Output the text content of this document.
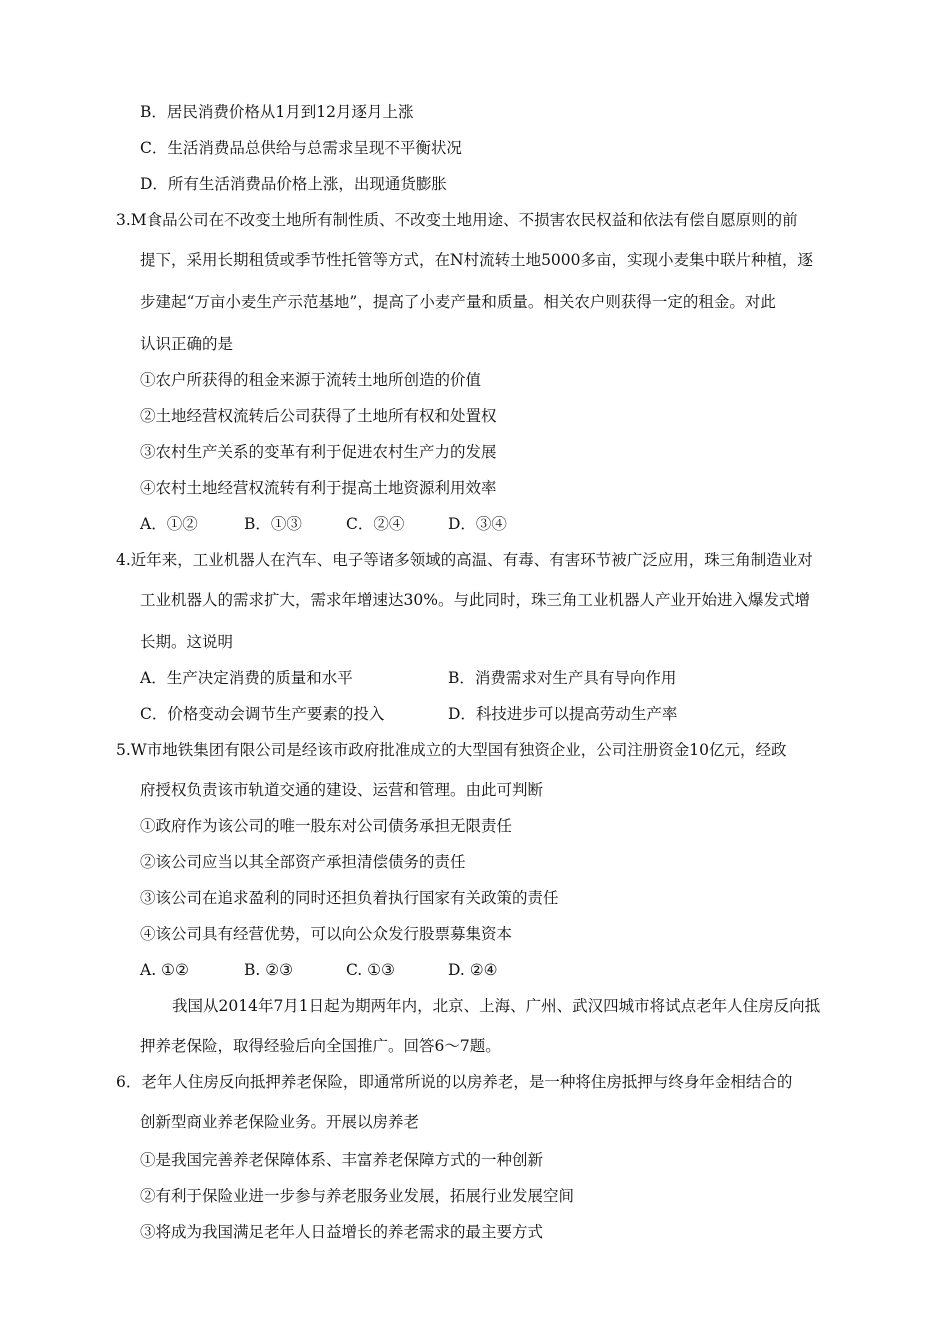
B．居民消费价格从1月到12月逐月上涨
C．生活消费品总供给与总需求呈现不平衡状况
D．所有生活消费品价格上涨，出现通货膨胀
3.M食品公司在不改变土地所有制性质、不改变土地用途、不损害农民权益和依法有偿自愿原则的前
提下，采用长期租赁或季节性托管等方式，在N村流转土地5000多亩，实现小麦集中联片种植，逐
步建起“万亩小麦生产示范基地”，提高了小麦产量和质量。相关农户则获得一定的租金。对此
认识正确的是
①农户所获得的租金来源于流转土地所创造的价值
②土地经营权流转后公司获得了土地所有权和处置权
③农村生产关系的变革有利于促进农村生产力的发展
④农村土地经营权流转有利于提高土地资源利用效率
A．①②	B．①③	C．②④	D．③④
4.近年来，工业机器人在汽车、电子等诸多领域的高温、有毒、有害环节被广泛应用，珠三角制造业对
工业机器人的需求扩大，需求年增速达30%。与此同时，珠三角工业机器人产业开始进入爆发式增
长期。这说明
A．生产决定消费的质量和水平	B．消费需求对生产具有导向作用
C．价格变动会调节生产要素的投入	D．科技进步可以提高劳动生产率
5.W市地铁集团有限公司是经该市政府批准成立的大型国有独资企业，公司注册资金10亿元，经政
府授权负责该市轨道交通的建设、运营和管理。由此可判断
①政府作为该公司的唯一股东对公司债务承担无限责任
②该公司应当以其全部资产承担清偿债务的责任
③该公司在追求盈利的同时还担负着执行国家有关政策的责任
④该公司具有经营优势，可以向公众发行股票募集资本
A. ①②	B. ②③	C. ①③	D. ②④
我国从2014年7月1日起为期两年内，北京、上海、广州、武汉四城市将试点老年人住房反向抵
押养老保险，取得经验后向全国推广。回答6～7题。
6．老年人住房反向抵押养老保险，即通常所说的以房养老，是一种将住房抵押与终身年金相结合的
创新型商业养老保险业务。开展以房养老
①是我国完善养老保障体系、丰富养老保障方式的一种创新
②有利于保险业进一步参与养老服务业发展，拓展行业发展空间
③将成为我国满足老年人日益增长的养老需求的最主要方式
